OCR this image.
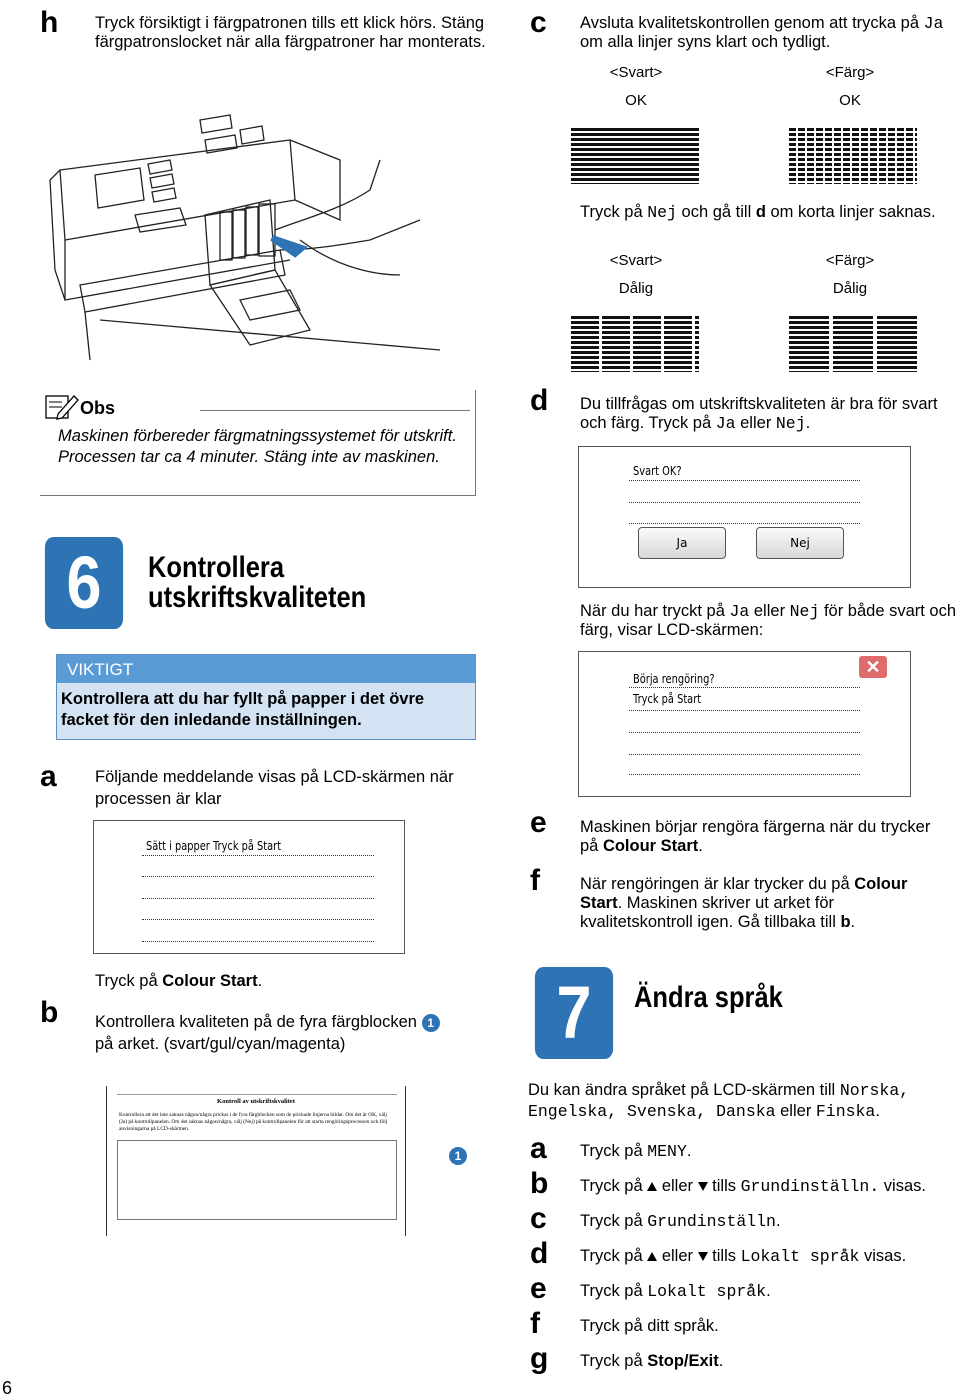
h Tryck försiktigt i färgpatronen tills ett klick hörs. Stäng färgpatronslocket när alla färgpatroner har monterats.
Obs
Maskinen förbereder färgmatningssystemet för utskrift. Processen tar ca 4 minuter. Stäng inte av maskinen.
6	Kontrollera
utskriftskvaliteten
VIKTIGT
Kontrollera att du har fyllt på papper i det övre facket för den inledande inställningen.
a Följande meddelande visas på LCD-skärmen när processen är klar
Sätt i papper Tryck på Start
b
Tryck på Colour Start.
Kontrollera kvaliteten på de fyra färgblocken 1
på arket. (svart/gul/cyan/magenta)
Kontroll av utskriftskvalitet
Kontrollera att det inte saknas någon/några prickar i de fyra färgblocken som de prickade linjerna bildar. Om det är OK, välj (Ja) på kontrollpanelen. Om det saknas någon/några, välj (Nej) på kontrollpanelen för att starta rengöringsprocessen och följ anvisningarna på LCD-skärmen.
1
6
c Avsluta kvalitetskontrollen genom att trycka på Ja om alla linjer syns klart och tydligt.
<Svart>	<Färg>
OK	OK
Tryck på Nej och gå till d om korta linjer saknas.
<Svart>	<Färg>
Dålig	Dålig
d Du tillfrågas om utskriftskvaliteten är bra för svart och färg. Tryck på Ja eller Nej.
Svart OK?
Ja	Nej
När du har tryckt på Ja eller Nej för både svart och färg, visar LCD-skärmen:
✕
Börja rengöring?
Tryck på Start
e Maskinen börjar rengöra färgerna när du trycker på Colour Start.
f När rengöringen är klar trycker du på Colour Start. Maskinen skriver ut arket för kvalitetskontroll igen. Gå tillbaka till b.
7	Ändra språk
Du kan ändra språket på LCD-skärmen till Norska, Engelska, Svenska, Danska eller Finska.
a Tryck på MENY.
b Tryck på  eller  tills Grundinställn. visas.
c Tryck på Grundinställn.
d Tryck på  eller  tills Lokalt språk visas.
e Tryck på Lokalt språk.
f Tryck på ditt språk.
g Tryck på Stop/Exit.
